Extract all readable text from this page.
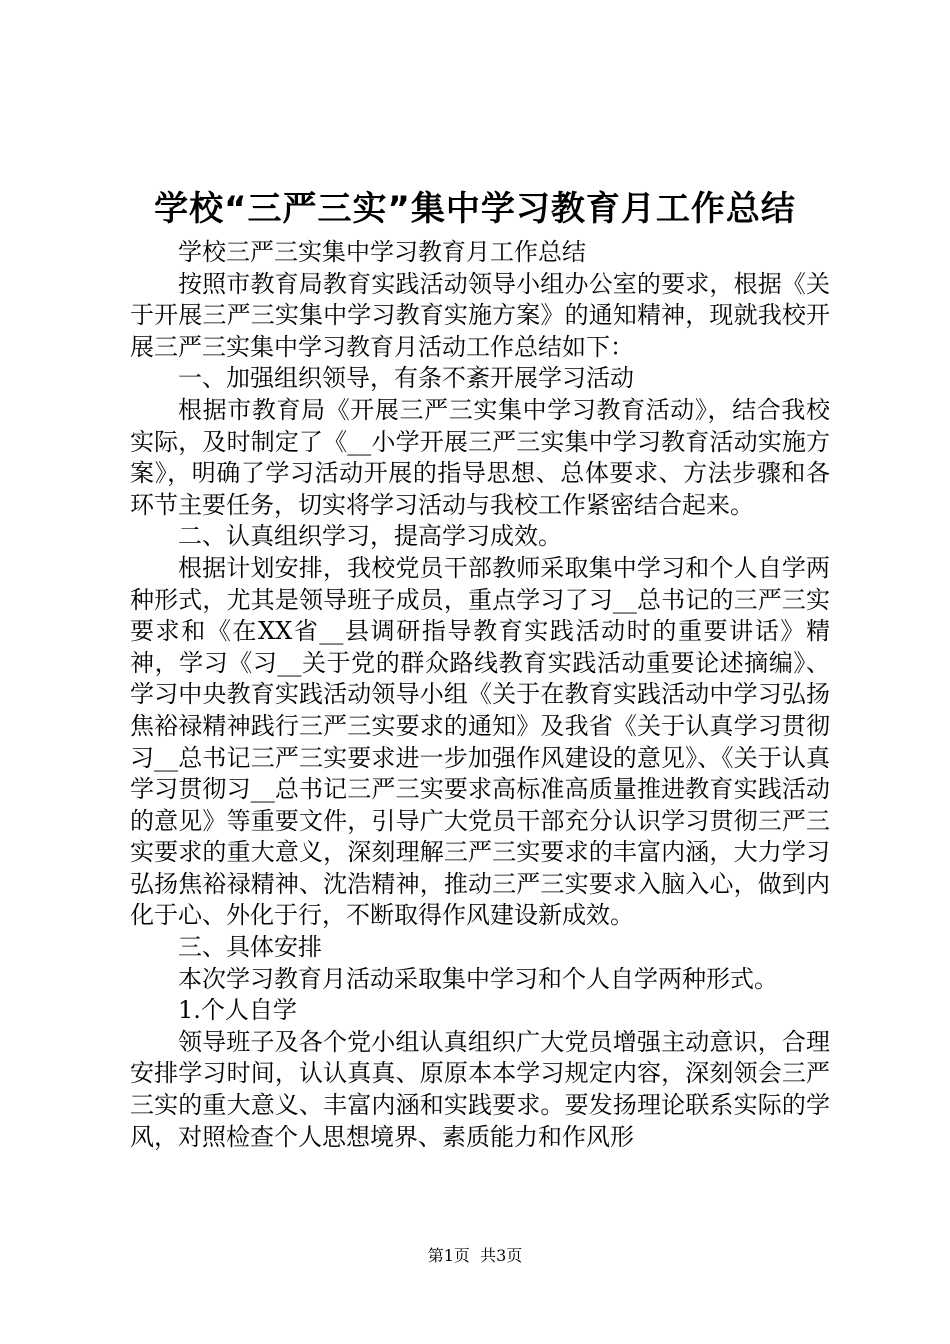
学校“三严三实”集中学习教育月工作总结

学校三严三实集中学习教育月工作总结

按照市教育局教育实践活动领导小组办公室的要求，根据《关于开展三严三实集中学习教育实施方案》的通知精神，现就我校开展三严三实集中学习教育月活动工作总结如下：

一、加强组织领导，有条不紊开展学习活动

根据市教育局《开展三严三实集中学习教育活动》，结合我校实际，及时制定了《__小学开展三严三实集中学习教育活动实施方案》，明确了学习活动开展的指导思想、总体要求、方法步骤和各环节主要任务，切实将学习活动与我校工作紧密结合起来。

二、认真组织学习，提高学习成效。

根据计划安排，我校党员干部教师采取集中学习和个人自学两种形式，尤其是领导班子成员，重点学习了习__总书记的三严三实要求和《在XX省__县调研指导教育实践活动时的重要讲话》精神，学习《习__关于党的群众路线教育实践活动重要论述摘编》、学习中央教育实践活动领导小组《关于在教育实践活动中学习弘扬焦裕禄精神践行三严三实要求的通知》及我省《关于认真学习贯彻习__总书记三严三实要求进一步加强作风建设的意见》、《关于认真学习贯彻习__总书记三严三实要求高标准高质量推进教育实践活动的意见》等重要文件，引导广大党员干部充分认识学习贯彻三严三实要求的重大意义，深刻理解三严三实要求的丰富内涵，大力学习弘扬焦裕禄精神、沈浩精神，推动三严三实要求入脑入心，做到内化于心、外化于行，不断取得作风建设新成效。

三、具体安排

本次学习教育月活动采取集中学习和个人自学两种形式。

1.个人自学

领导班子及各个党小组认真组织广大党员增强主动意识，合理安排学习时间，认认真真、原原本本学习规定内容，深刻领会三严三实的重大意义、丰富内涵和实践要求。要发扬理论联系实际的学风，对照检查个人思想境界、素质能力和作风形

第1页  共3页
